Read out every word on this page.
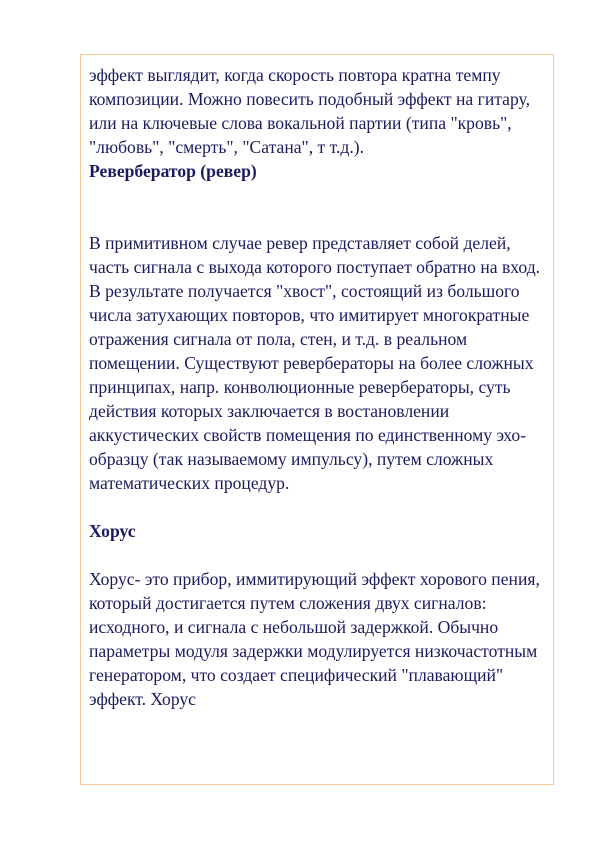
эффект выглядит, когда скорость повтора кратна темпу композиции. Можно повесить подобный эффект на гитару, или на ключевые слова вокальной партии (типа "кровь", "любовь", "смерть", "Сатана", т т.д.).

Ревербератор (ревер)

В примитивном случае ревер представляет собой делей, часть сигнала с выхода которого поступает обратно на вход. В результате получается "хвост", состоящий из большого числа затухающих повторов, что имитирует многократные отражения сигнала от пола, стен, и т.д. в реальном помещении. Существуют ревербераторы на более сложных принципах, напр. конволюционные ревербераторы, суть действия которых заключается в востановлении аккустических свойств помещения по единственному эхо-образцу (так называемому импульсу), путем сложных математических процедур.

Хорус

Хорус- это прибор, иммитирующий эффект хорового пения, который достигается путем сложения двух сигналов: исходного, и сигнала с небольшой задержкой. Обычно параметры модуля задержки модулируется низкочастотным генератором, что создает специфический "плавающий" эффект. Хорус
